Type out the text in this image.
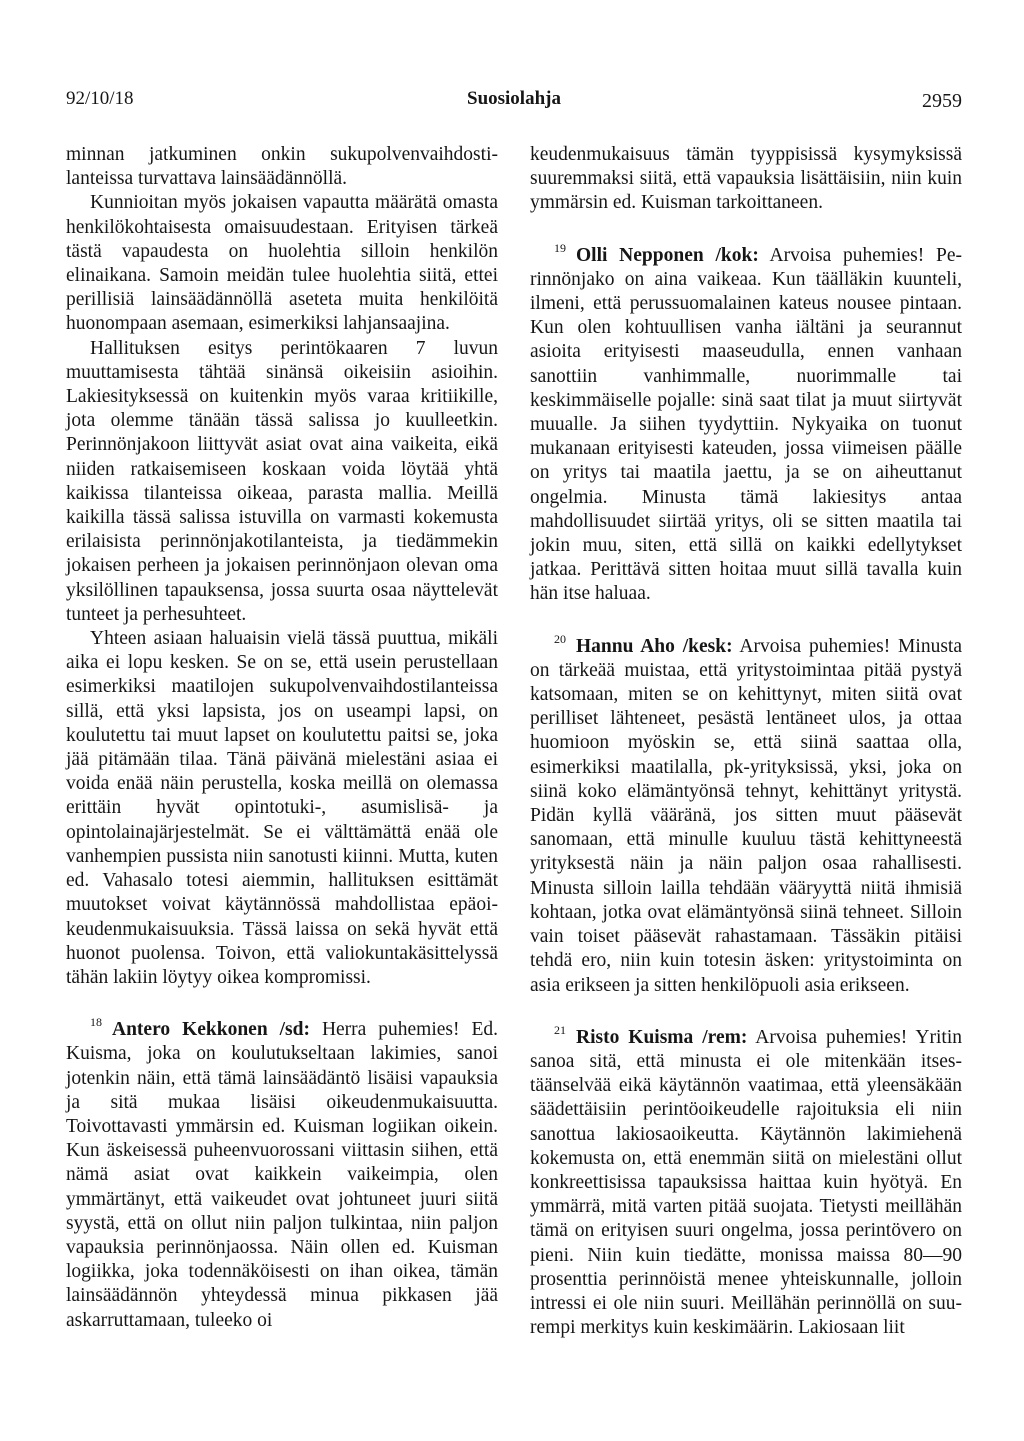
92/10/18	Suosiolahja	2959

minnan jatkuminen onkin sukupolvenvaihdostilanteissa turvattava lainsäädännöllä.

Kunnioitan myös jokaisen vapautta määrätä omasta henkilökohtaisesta omaisuudestaan. Erityisen tärkeä tästä vapaudesta on huolehtia silloin henkilön elinaikana. Samoin meidän tulee huolehtia siitä, ettei perillisiä lainsäädännöllä aseteta muita henkilöitä huonompaan asemaan, esimerkiksi lahjansaajina.

Hallituksen esitys perintökaaren 7 luvun muuttamisesta tähtää sinänsä oikeisiin asioihin. Lakiesityksessä on kuitenkin myös varaa kritiikille, jota olemme tänään tässä salissa jo kuulleetkin. Perinnönjakoon liittyvät asiat ovat aina vaikeita, eikä niiden ratkaisemiseen koskaan voida löytää yhtä kaikissa tilanteissa oikeaa, parasta mallia. Meillä kaikilla tässä salissa istuvilla on varmasti kokemusta erilaisista perinnönjakotilanteista, ja tiedämmekin jokaisen perheen ja jokaisen perinnönjaon olevan oma yksilöllinen tapauksensa, jossa suurta osaa näyttelevät tunteet ja perhesuhteet.

Yhteen asiaan haluaisin vielä tässä puuttua, mikäli aika ei lopu kesken. Se on se, että usein perustellaan esimerkiksi maatilojen sukupolvenvaihdostilanteissa sillä, että yksi lapsista, jos on useampi lapsi, on koulutettu tai muut lapset on koulutettu paitsi se, joka jää pitämään tilaa. Tänä päivänä mielestäni asiaa ei voida enää näin perustella, koska meillä on olemassa erittäin hyvät opintotuki-, asumislisä- ja opintolainajärjestelmät. Se ei välttämättä enää ole vanhempien pussista niin sanotusti kiinni. Mutta, kuten ed. Vahasalo totesi aiemmin, hallituksen esittämät muutokset voivat käytännössä mahdollistaa epäoikeudenmukaisuuksia. Tässä laissa on sekä hyvät että huonot puolensa. Toivon, että valiokuntakäsittelyssä tähän lakiin löytyy oikea kompromissi.

$^{18}$ Antero Kekkonen /sd: Herra puhemies! Ed. Kuisma, joka on koulutukseltaan lakimies, sanoi jotenkin näin, että tämä lainsäädäntö lisäisi vapauksia ja sitä mukaa lisäisi oikeudenmukaisuutta. Toivottavasti ymmärsin ed. Kuisman logiikan oikein. Kun äskeisessä puheenvuorossani viittasin siihen, että nämä asiat ovat kaikkein vaikeimpia, olen ymmärtänyt, että vaikeudet ovat johtuneet juuri siitä syystä, että on ollut niin paljon tulkintaa, niin paljon vapauksia perinnönjaossa. Näin ollen ed. Kuisman logiikka, joka todennäköisesti on ihan oikea, tämän lainsäädännön yhteydessä minua pikkasen jää askarruttamaan, tuleeko oi

keudenmukaisuus tämän tyyppisissä kysymyksissä suuremmaksi siitä, että vapauksia lisättäisiin, niin kuin ymmärsin ed. Kuisman tarkoittaneen.

$^{19}$ Olli Nepponen /kok: Arvoisa puhemies! Perinnönjako on aina vaikeaa. Kun täälläkin kuunteli, ilmeni, että perussuomalainen kateus nousee pintaan. Kun olen kohtuullisen vanha iältäni ja seurannut asioita erityisesti maaseudulla, ennen vanhaan sanottiin vanhimmalle, nuorimmalle tai keskimmäiselle pojalle: sinä saat tilat ja muut siirtyvät muualle. Ja siihen tyydyttiin. Nykyaika on tuonut mukanaan erityisesti kateuden, jossa viimeisen päälle on yritys tai maatila jaettu, ja se on aiheuttanut ongelmia. Minusta tämä lakiesitys antaa mahdollisuudet siirtää yritys, oli se sitten maatila tai jokin muu, siten, että sillä on kaikki edellytykset jatkaa. Perittävä sitten hoitaa muut sillä tavalla kuin hän itse haluaa.

$^{20}$ Hannu Aho /kesk: Arvoisa puhemies! Minusta on tärkeää muistaa, että yritystoimintaa pitää pystyä katsomaan, miten se on kehittynyt, miten siitä ovat perilliset lähteneet, pesästä lentäneet ulos, ja ottaa huomioon myöskin se, että siinä saattaa olla, esimerkiksi maatilalla, pk-yrityksissä, yksi, joka on siinä koko elämäntyönsä tehnyt, kehittänyt yritystä. Pidän kyllä vääränä, jos sitten muut pääsevät sanomaan, että minulle kuuluu tästä kehittyneestä yrityksestä näin ja näin paljon osaa rahallisesti. Minusta silloin lailla tehdään vääryyttä niitä ihmisiä kohtaan, jotka ovat elämäntyönsä siinä tehneet. Silloin vain toiset pääsevät rahastamaan. Tässäkin pitäisi tehdä ero, niin kuin totesin äsken: yritystoiminta on asia erikseen ja sitten henkilöpuoli asia erikseen.

$^{21}$ Risto Kuisma /rem: Arvoisa puhemies! Yritin sanoa sitä, että minusta ei ole mitenkään itsestäänselvää eikä käytännön vaatimaa, että yleensäkään säädettäisiin perintöoikeudelle rajoituksia eli niin sanottua lakiosaoikeutta. Käytännön lakimiehenä kokemusta on, että enemmän siitä on mielestäni ollut konkreettisissa tapauksissa haittaa kuin hyötyä. En ymmärrä, mitä varten pitää suojata. Tietysti meillähän tämä on erityisen suuri ongelma, jossa perintövero on pieni. Niin kuin tiedätte, monissa maissa 80—90 prosenttia perinnöistä menee yhteiskunnalle, jolloin intressi ei ole niin suuri. Meillähän perinnöllä on suurempi merkitys kuin keskimäärin. Lakiosaan liit
